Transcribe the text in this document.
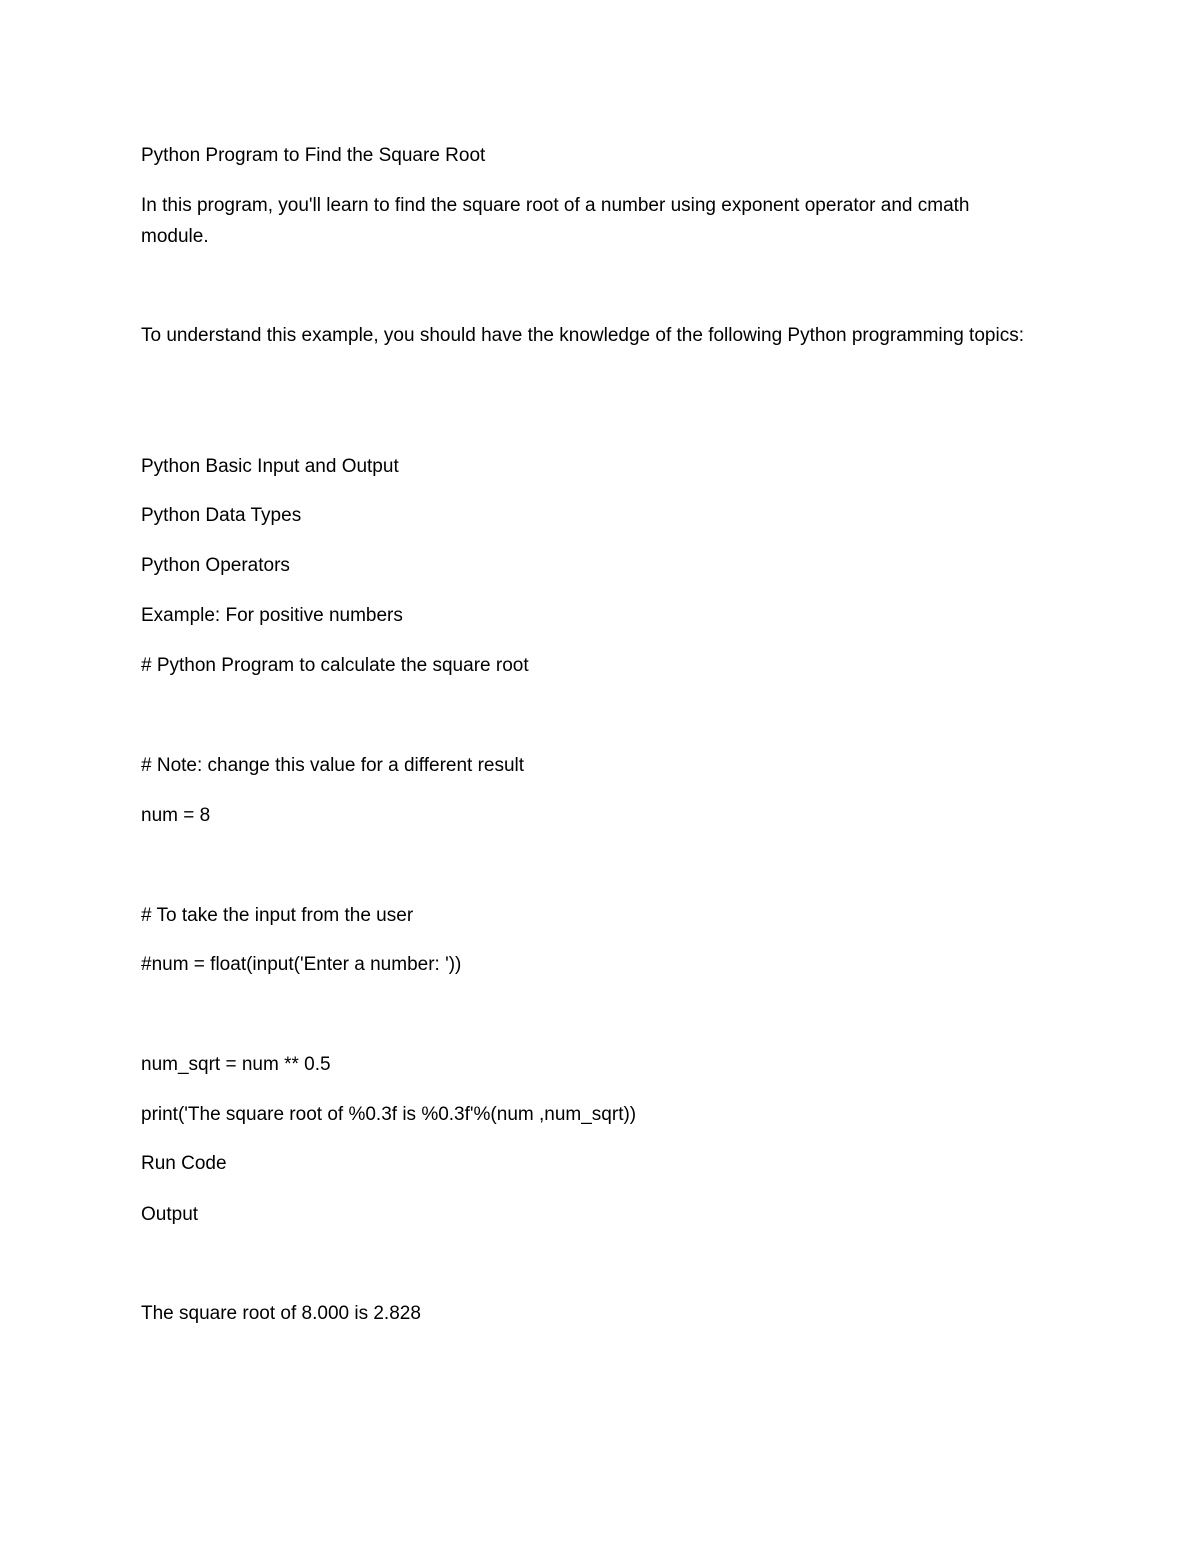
Python Program to Find the Square Root

In this program, you'll learn to find the square root of a number using exponent operator and cmath module.

To understand this example, you should have the knowledge of the following Python programming topics:

Python Basic Input and Output

Python Data Types

Python Operators

Example: For positive numbers

# Python Program to calculate the square root

# Note: change this value for a different result

num = 8

# To take the input from the user

#num = float(input('Enter a number: '))

num_sqrt = num ** 0.5

print('The square root of %0.3f is %0.3f'%(num ,num_sqrt))

Run Code

Output

The square root of 8.000 is 2.828
